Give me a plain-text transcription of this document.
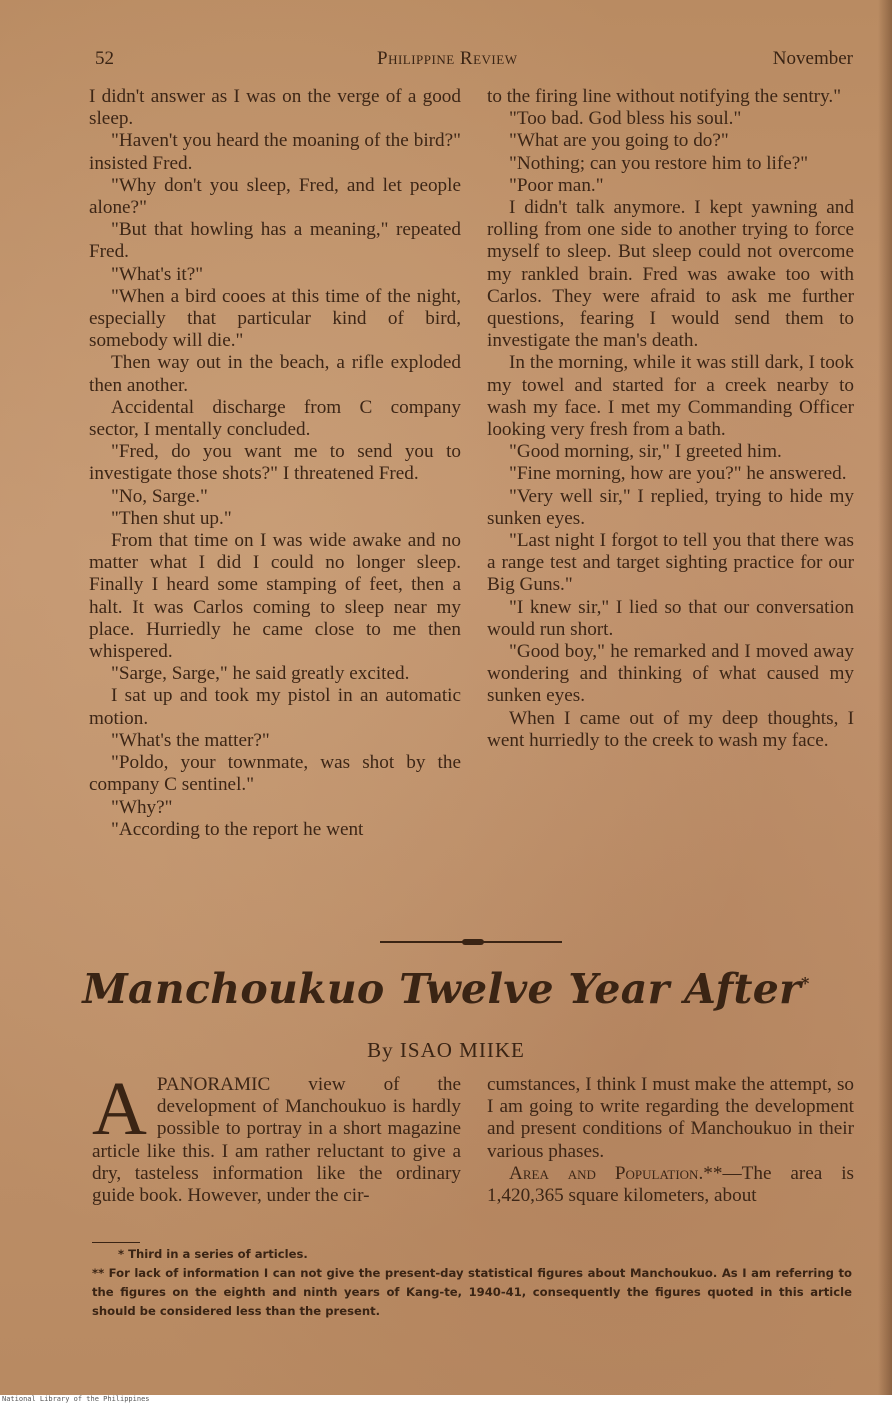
52	Philippine Review	November

I didn't answer as I was on the verge of a good sleep.

"Haven't you heard the moaning of the bird?" insisted Fred.

"Why don't you sleep, Fred, and let people alone?"

"But that howling has a meaning," repeated Fred.

"What's it?"

"When a bird cooes at this time of the night, especially that particular kind of bird, somebody will die."

Then way out in the beach, a rifle exploded then another.

Accidental discharge from C company sector, I mentally concluded.

"Fred, do you want me to send you to investigate those shots?" I threatened Fred.

"No, Sarge."

"Then shut up."

From that time on I was wide awake and no matter what I did I could no longer sleep. Finally I heard some stamping of feet, then a halt. It was Carlos coming to sleep near my place. Hurriedly he came close to me then whispered.

"Sarge, Sarge," he said greatly excited.

I sat up and took my pistol in an automatic motion.

"What's the matter?"

"Poldo, your townmate, was shot by the company C sentinel."

"Why?"

"According to the report he went

to the firing line without notifying the sentry."

"Too bad. God bless his soul."

"What are you going to do?"

"Nothing; can you restore him to life?"

"Poor man."

I didn't talk anymore. I kept yawning and rolling from one side to another trying to force myself to sleep. But sleep could not overcome my rankled brain. Fred was awake too with Carlos. They were afraid to ask me further questions, fearing I would send them to investigate the man's death.

In the morning, while it was still dark, I took my towel and started for a creek nearby to wash my face. I met my Commanding Officer looking very fresh from a bath.

"Good morning, sir," I greeted him.

"Fine morning, how are you?" he answered.

"Very well sir," I replied, trying to hide my sunken eyes.

"Last night I forgot to tell you that there was a range test and target sighting practice for our Big Guns."

"I knew sir," I lied so that our conversation would run short.

"Good boy," he remarked and I moved away wondering and thinking of what caused my sunken eyes.

When I came out of my deep thoughts, I went hurriedly to the creek to wash my face.

Manchoukuo Twelve Year After*
By ISAO MIIKE

APANORAMIC view of the development of Manchoukuo is hardly possible to portray in a short magazine article like this. I am rather reluctant to give a dry, tasteless information like the ordinary guide book. However, under the cir-

cumstances, I think I must make the attempt, so I am going to write regarding the development and present conditions of Manchoukuo in their various phases.

Area and Population.**—The area is 1,420,365 square kilometers, about

* Third in a series of articles.

** For lack of information I can not give the present-day statistical figures about Manchoukuo. As I am referring to the figures on the eighth and ninth years of Kang-te, 1940-41, consequently the figures quoted in this article should be considered less than the present.

National Library of the Philippines
